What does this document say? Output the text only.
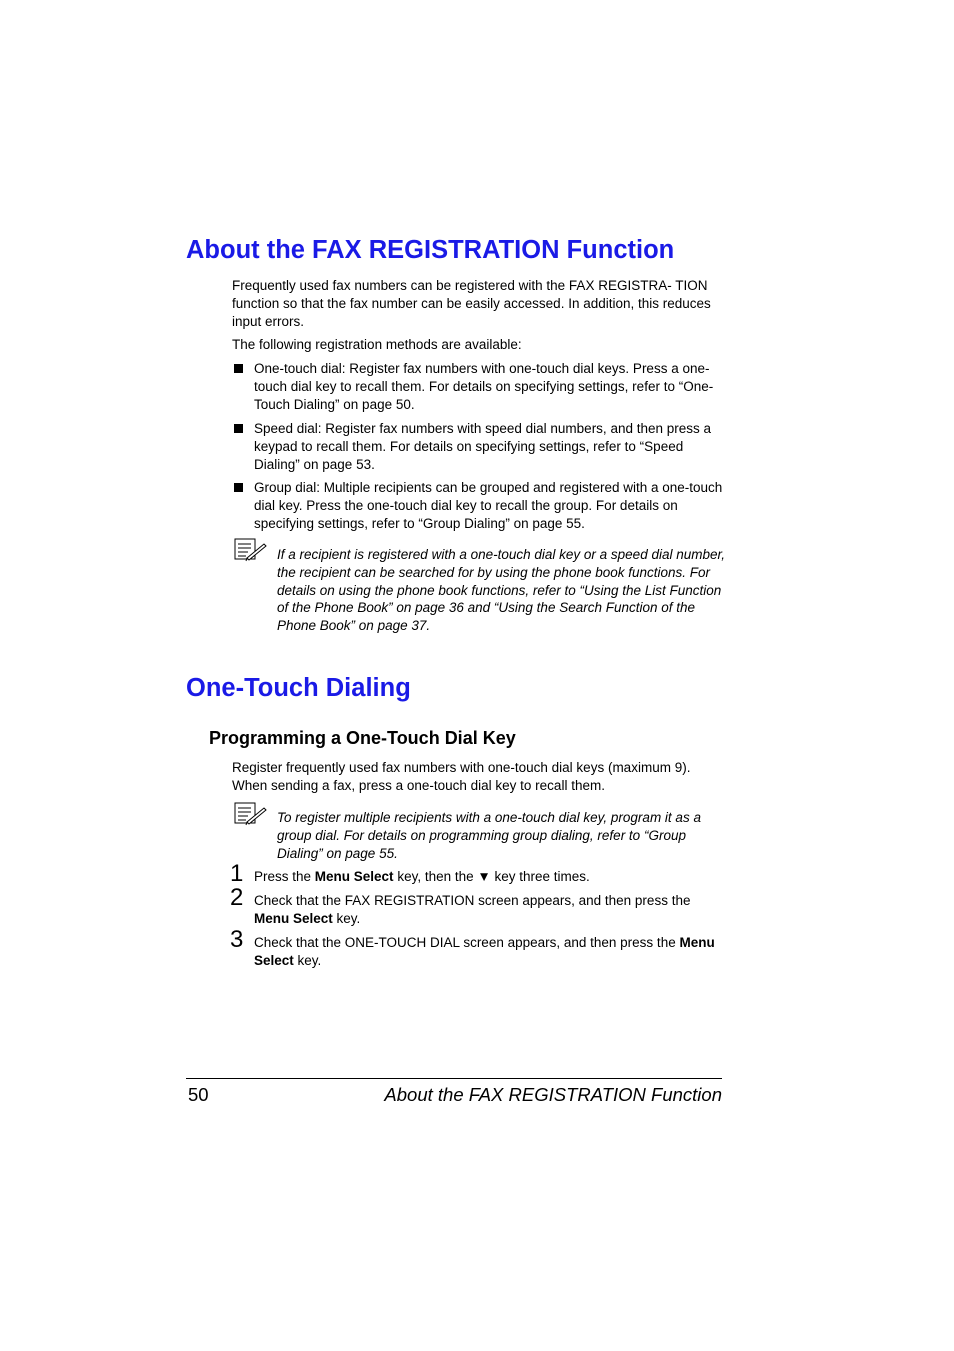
About the FAX REGISTRATION Function
Frequently used fax numbers can be registered with the FAX REGISTRA- TION function so that the fax number can be easily accessed. In addition, this reduces input errors.
The following registration methods are available:
One-touch dial: Register fax numbers with one-touch dial keys. Press a one-touch dial key to recall them. For details on specifying settings, refer to “One-Touch Dialing” on page 50.
Speed dial: Register fax numbers with speed dial numbers, and then press a keypad to recall them. For details on specifying settings, refer to “Speed Dialing” on page 53.
Group dial: Multiple recipients can be grouped and registered with a one-touch dial key. Press the one-touch dial key to recall the group. For details on specifying settings, refer to “Group Dialing” on page 55.
If a recipient is registered with a one-touch dial key or a speed dial number, the recipient can be searched for by using the phone book functions. For details on using the phone book functions, refer to “Using the List Function of the Phone Book” on page 36 and “Using the Search Function of the Phone Book” on page 37.
One-Touch Dialing
Programming a One-Touch Dial Key
Register frequently used fax numbers with one-touch dial keys (maximum 9). When sending a fax, press a one-touch dial key to recall them.
To register multiple recipients with a one-touch dial key, program it as a group dial. For details on programming group dialing, refer to “Group Dialing” on page 55.
1 Press the Menu Select key, then the ▼ key three times.
2 Check that the FAX REGISTRATION screen appears, and then press the Menu Select key.
3 Check that the ONE-TOUCH DIAL screen appears, and then press the Menu Select key.
50	About the FAX REGISTRATION Function
